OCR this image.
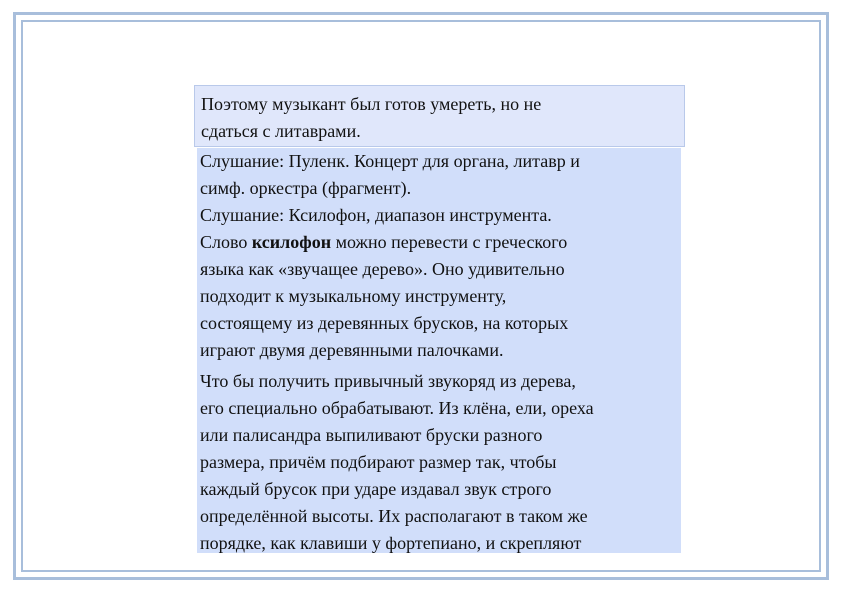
Поэтому музыкант был готов умереть, но не
сдаться с литаврами.
Слушание: Пуленк. Концерт для органа, литавр и
симф. оркестра (фрагмент).
Слушание: Ксилофон, диапазон инструмента.
Слово ксилофон можно перевести с греческого
языка как «звучащее дерево». Оно удивительно
подходит к музыкальному инструменту,
состоящему из деревянных брусков, на которых
играют двумя деревянными палочками.
Что бы получить привычный звукоряд из дерева,
его специально обрабатывают. Из клёна, ели, ореха
или палисандра выпиливают бруски разного
размера, причём подбирают размер так, чтобы
каждый брусок при ударе издавал звук строго
определённой высоты. Их располагают в таком же
порядке, как клавиши у фортепиано, и скрепляют
